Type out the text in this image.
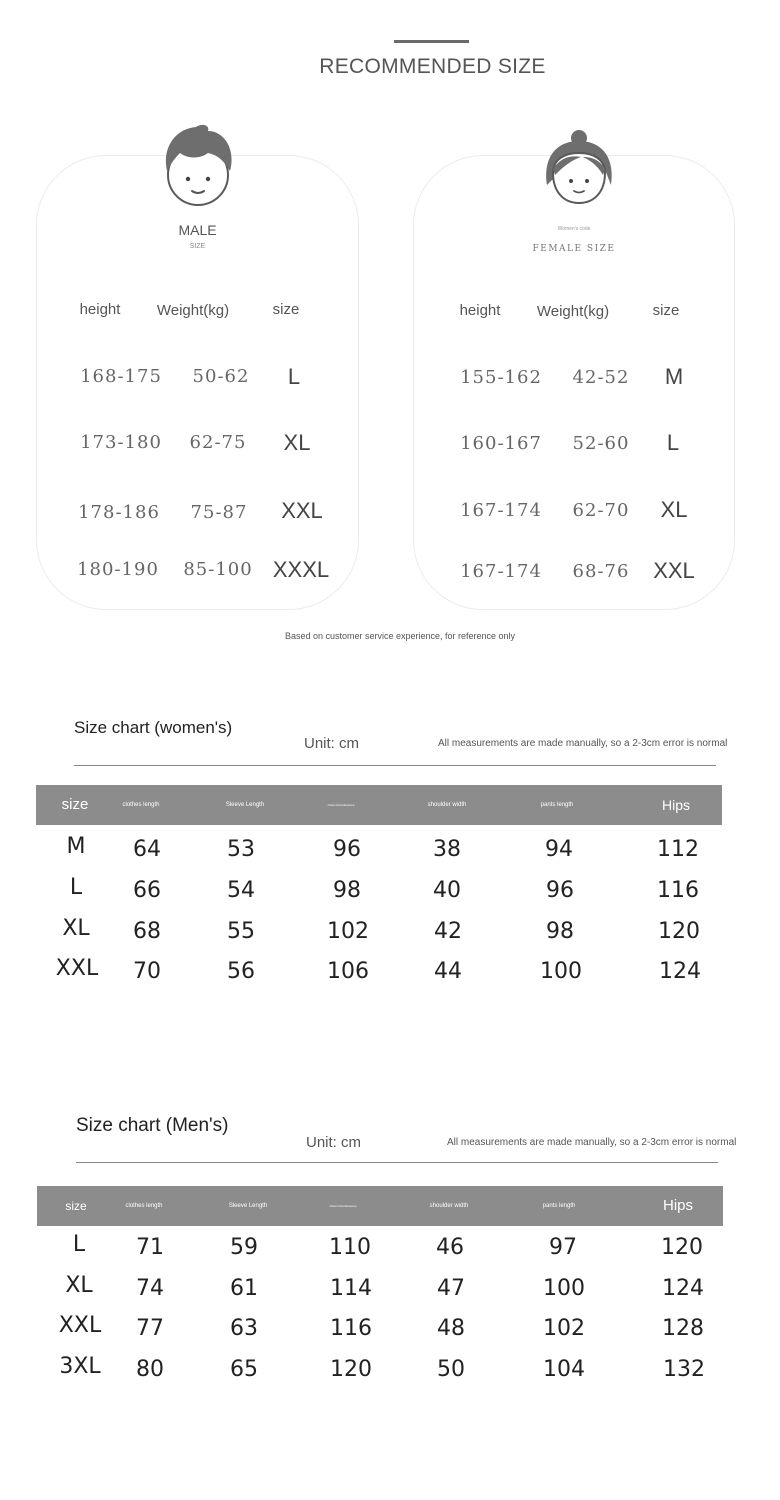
RECOMMENDED SIZE
MALE
SIZE
height Weight(kg)	size
168-175 50-62 L
173-180 62-75 XL
178-186 75-87 XXL
180-190 85-100 XXXL
Women's code
FEMALE SIZE
height Weight(kg)	size
155-162 42-52 M
160-167 52-60 L
167-174 62-70 XL
167-174 68-76 XXL
Based on customer service experience, for reference only
Size chart (women's)
Unit: cm	All measurements are made manually, so a 2-3cm error is normal
size	clothes length	Sleeve Length	chest circumference	shoulder width	pants length	Hips
M 64	53	96	38	94	112
L 66	54	98	40	96	116
XL 68	55	102	42	98	120
XXL 70	56	106	44	100	124
Size chart (Men's)
Unit: cm	All measurements are made manually, so a 2-3cm error is normal
size	clothes length	Sleeve Length	chest circumference	shoulder width	pants length	Hips
L 71	59	110	46	97	120
XL 74	61	114	47	100	124
XXL 77	63	116	48	102	128
3XL 80	65	120	50	104	132
